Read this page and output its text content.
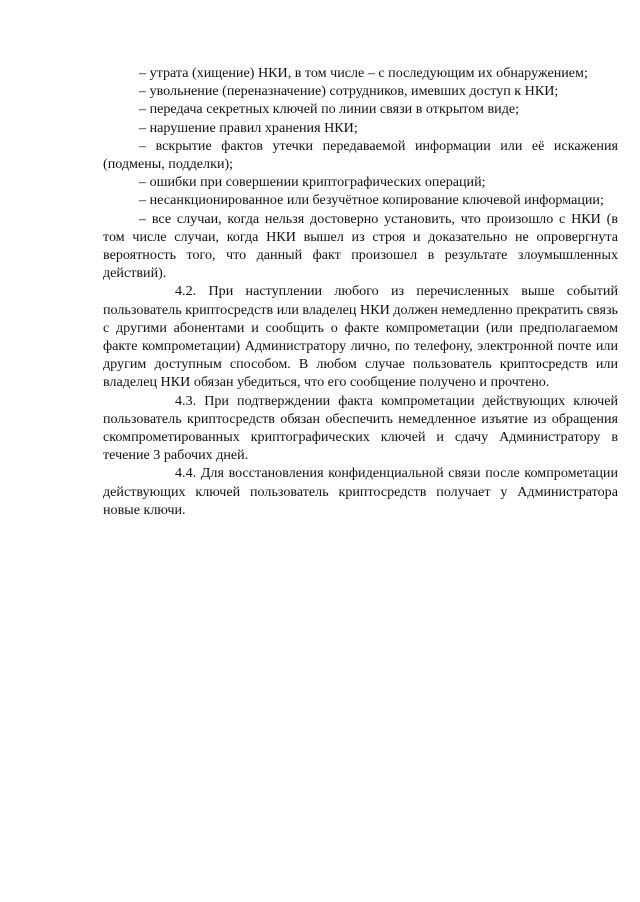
– утрата (хищение) НКИ, в том числе – с последующим их обнаружением;

– увольнение (переназначение) сотрудников, имевших доступ к НКИ;

– передача секретных ключей по линии связи в открытом виде;

– нарушение правил хранения НКИ;

– вскрытие фактов утечки передаваемой информации или её искажения (подмены, подделки);

– ошибки при совершении криптографических операций;

– несанкционированное или безучётное копирование ключевой информации;

– все случаи, когда нельзя достоверно установить, что произошло с НКИ (в том числе случаи, когда НКИ вышел из строя и доказательно не опровергнута вероятность того, что данный факт произошел в результате злоумышленных действий).

4.2. При наступлении любого из перечисленных выше событий пользователь криптосредств или владелец НКИ должен немедленно прекратить связь с другими абонентами и сообщить о факте компрометации (или предполагаемом факте компрометации) Администратору лично, по телефону, электронной почте или другим доступным способом. В любом случае пользователь криптосредств или владелец НКИ обязан убедиться, что его сообщение получено и прочтено.

4.3. При подтверждении факта компрометации действующих ключей пользователь криптосредств обязан обеспечить немедленное изъятие из обращения скомпрометированных криптографических ключей и сдачу Администратору в течение 3 рабочих дней.

4.4. Для восстановления конфиденциальной связи после компрометации действующих ключей пользователь криптосредств получает у Администратора новые ключи.
